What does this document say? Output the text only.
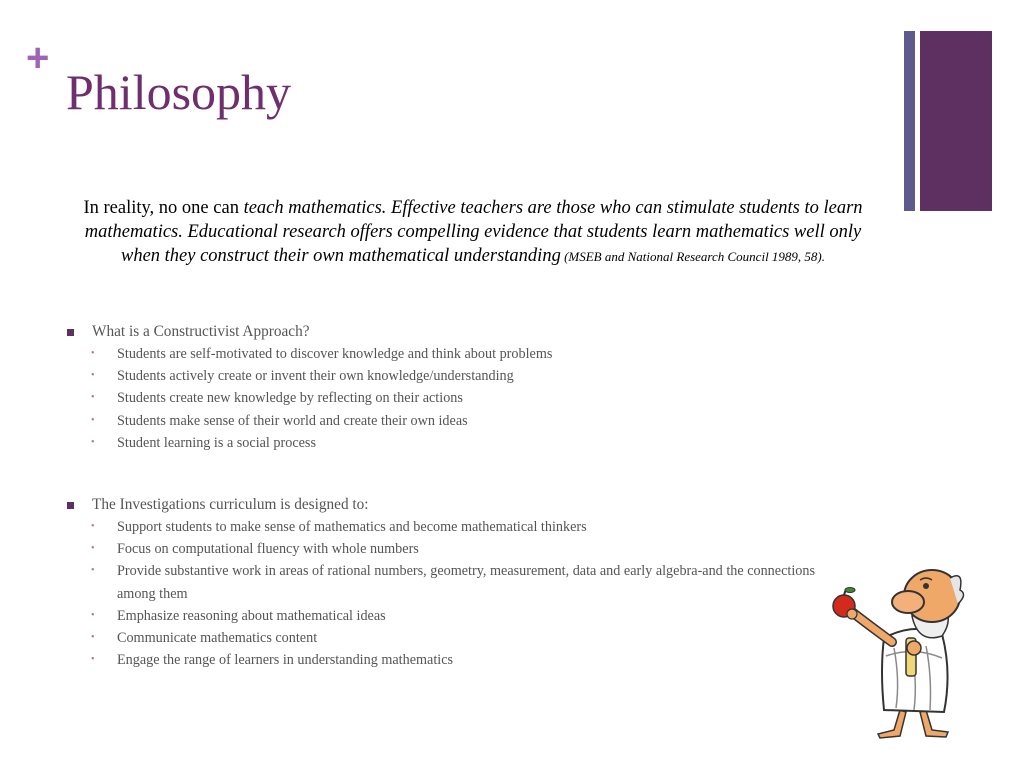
+
Philosophy
In reality, no one can teach mathematics. Effective teachers are those who can stimulate students to learn mathematics. Educational research offers compelling evidence that students learn mathematics well only when they construct their own mathematical understanding (MSEB and National Research Council 1989, 58).
What is a Constructivist Approach?
• Students are self-motivated to discover knowledge and think about problems
• Students actively create or invent their own knowledge/understanding
• Students create new knowledge by reflecting on their actions
• Students make sense of their world and create their own ideas
• Student learning is a social process
The Investigations curriculum is designed to:
• Support students to make sense of mathematics and become mathematical thinkers
• Focus on computational fluency with whole numbers
• Provide substantive work in areas of rational numbers, geometry, measurement, data and early algebra-and the connections among them
• Emphasize reasoning about mathematical ideas
• Communicate mathematics content
• Engage the range of learners in understanding mathematics
